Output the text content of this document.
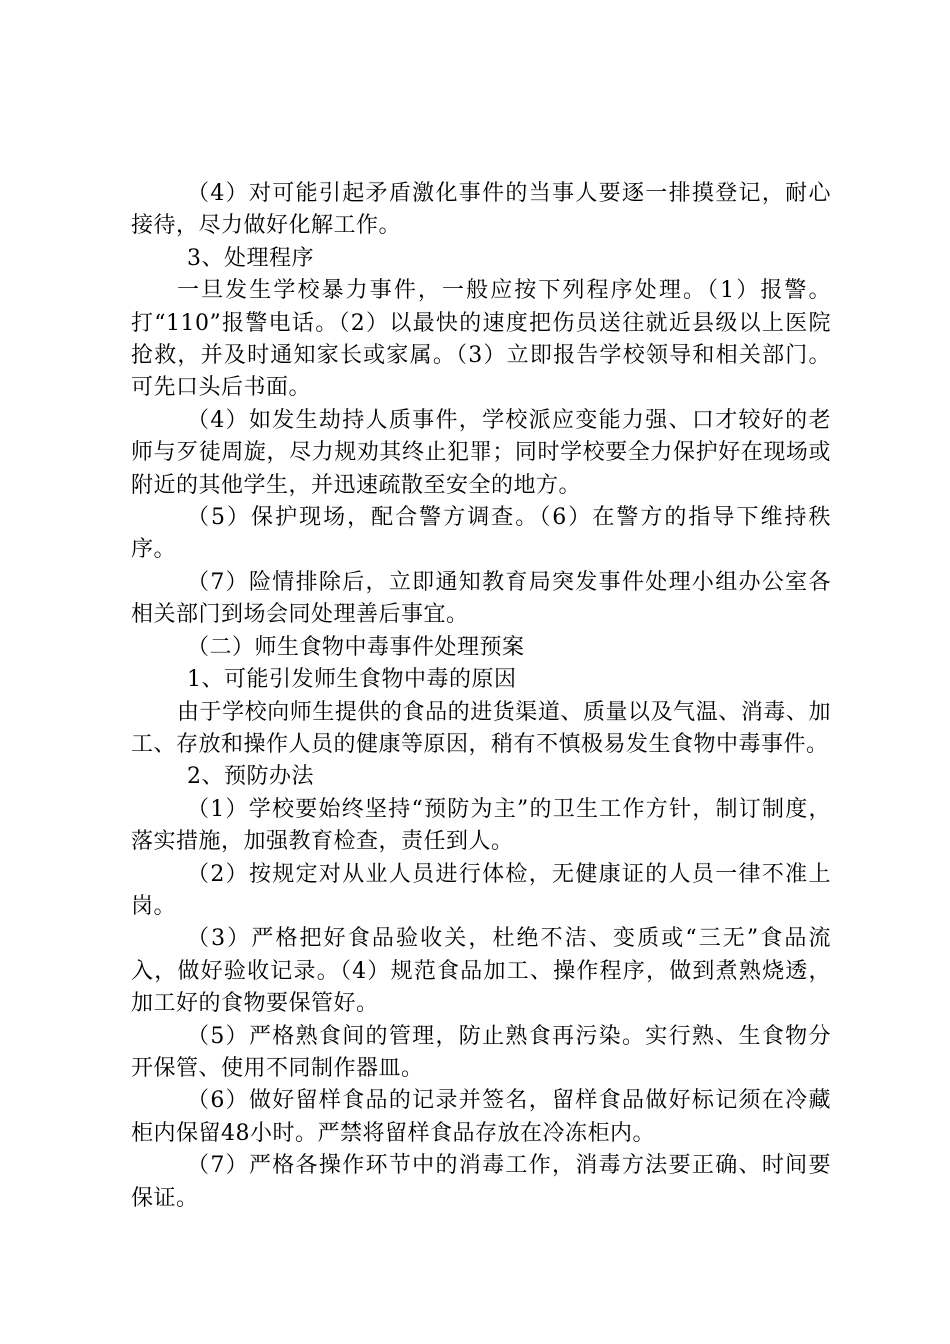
（4）对可能引起矛盾激化事件的当事人要逐一排摸登记，耐心接待，尽力做好化解工作。

3、处理程序

一旦发生学校暴力事件，一般应按下列程序处理。（1）报警。打“110”报警电话。（2）以最快的速度把伤员送往就近县级以上医院抢救，并及时通知家长或家属。（3）立即报告学校领导和相关部门。可先口头后书面。

（4）如发生劫持人质事件，学校派应变能力强、口才较好的老师与歹徒周旋，尽力规劝其终止犯罪；同时学校要全力保护好在现场或附近的其他学生，并迅速疏散至安全的地方。

（5）保护现场，配合警方调查。（6）在警方的指导下维持秩序。

（7）险情排除后，立即通知教育局突发事件处理小组办公室各相关部门到场会同处理善后事宜。

（二）师生食物中毒事件处理预案

1、可能引发师生食物中毒的原因

由于学校向师生提供的食品的进货渠道、质量以及气温、消毒、加工、存放和操作人员的健康等原因，稍有不慎极易发生食物中毒事件。

2、预防办法

（1）学校要始终坚持“预防为主”的卫生工作方针，制订制度，落实措施，加强教育检查，责任到人。

（2）按规定对从业人员进行体检，无健康证的人员一律不准上岗。

（3）严格把好食品验收关，杜绝不洁、变质或“三无”食品流入，做好验收记录。（4）规范食品加工、操作程序，做到煮熟烧透，加工好的食物要保管好。

（5）严格熟食间的管理，防止熟食再污染。实行熟、生食物分开保管、使用不同制作器皿。

（6）做好留样食品的记录并签名，留样食品做好标记须在冷藏柜内保留48小时。严禁将留样食品存放在冷冻柜内。

（7）严格各操作环节中的消毒工作，消毒方法要正确、时间要保证。
